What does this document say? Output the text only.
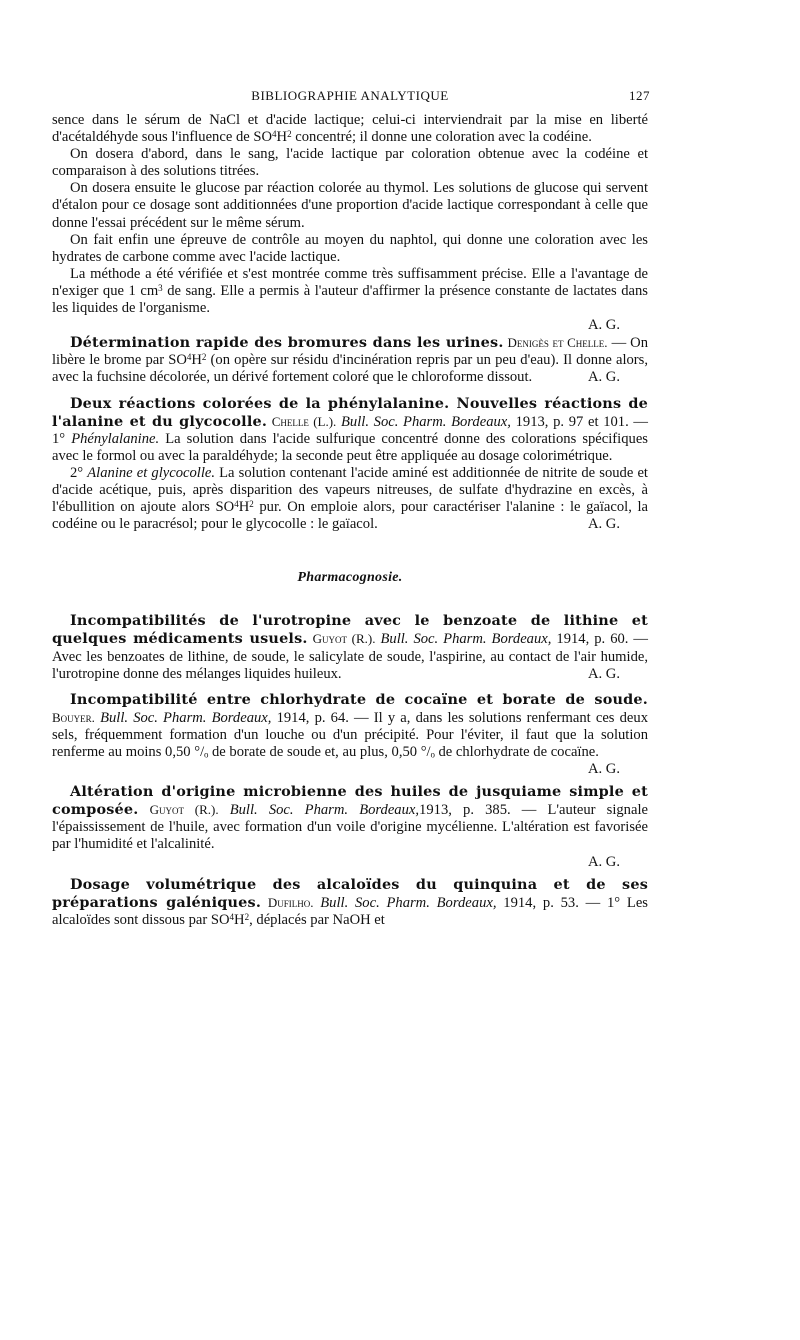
BIBLIOGRAPHIE ANALYTIQUE	127

sence dans le sérum de NaCl et d'acide lactique; celui-ci interviendrait par la mise en liberté d'acétaldéhyde sous l'influence de $SO^4H^2$ concentré; il donne une coloration avec la codéine.

On dosera d'abord, dans le sang, l'acide lactique par coloration obtenue avec la codéine et comparaison à des solutions titrées.

On dosera ensuite le glucose par réaction colorée au thymol. Les solutions de glucose qui servent d'étalon pour ce dosage sont additionnées d'une proportion d'acide lactique correspondant à celle que donne l'essai précédent sur le même sérum.

On fait enfin une épreuve de contrôle au moyen du naphtol, qui donne une coloration avec les hydrates de carbone comme avec l'acide lactique.

La méthode a été vérifiée et s'est montrée comme très suffisamment précise. Elle a l'avantage de n'exiger que 1 $cm^3$ de sang. Elle a permis à l'auteur d'affirmer la présence constante de lactates dans les liquides de l'organisme.

A. G.

Détermination rapide des bromures dans les urines. Denigès et Chelle. — On libère le brome par $SO^4H^2$ (on opère sur résidu d'incinération repris par un peu d'eau). Il donne alors, avec la fuchsine décolorée, un dérivé fortement coloré que le chloroforme dissout.	A. G.

Deux réactions colorées de la phénylalanine. Nouvelles réactions de l'alanine et du glycocolle. Chelle (L.). Bull. Soc. Pharm. Bordeaux, 1913, p. 97 et 101. — 1° Phénylalanine. La solution dans l'acide sulfurique concentré donne des colorations spécifiques avec le formol ou avec la paraldéhyde; la seconde peut être appliquée au dosage colorimétrique.

2° Alanine et glycocolle. La solution contenant l'acide aminé est additionnée de nitrite de soude et d'acide acétique, puis, après disparition des vapeurs nitreuses, de sulfate d'hydrazine en excès, à l'ébullition on ajoute alors $SO^4H^2$ pur. On emploie alors, pour caractériser l'alanine : le gaïacol, la codéine ou le paracrésol; pour le glycocolle : le gaïacol.	A. G.

Pharmacognosie.

Incompatibilités de l'urotropine avec le benzoate de lithine et quelques médicaments usuels. Guyot (R.). Bull. Soc. Pharm. Bordeaux, 1914, p. 60. — Avec les benzoates de lithine, de soude, le salicylate de soude, l'aspirine, au contact de l'air humide, l'urotropine donne des mélanges liquides huileux.	A. G.

Incompatibilité entre chlorhydrate de cocaïne et borate de soude. Bouyer. Bull. Soc. Pharm. Bordeaux, 1914, p. 64. — Il y a, dans les solutions renfermant ces deux sels, fréquemment formation d'un louche ou d'un précipité. Pour l'éviter, il faut que la solution renferme au moins 0,50 °/ₒ de borate de soude et, au plus, 0,50 °/ₒ de chlorhydrate de cocaïne.

A. G.

Altération d'origine microbienne des huiles de jusquiame simple et composée. Guyot (R.). Bull. Soc. Pharm. Bordeaux,1913, p. 385. — L'auteur signale l'épaississement de l'huile, avec formation d'un voile d'origine mycélienne. L'altération est favorisée par l'humidité et l'alcalinité.

A. G.

Dosage volumétrique des alcaloïdes du quinquina et de ses préparations galéniques. Dufilho. Bull. Soc. Pharm. Bordeaux, 1914, p. 53. — 1° Les alcaloïdes sont dissous par $SO^4H^2$, déplacés par NaOH et
